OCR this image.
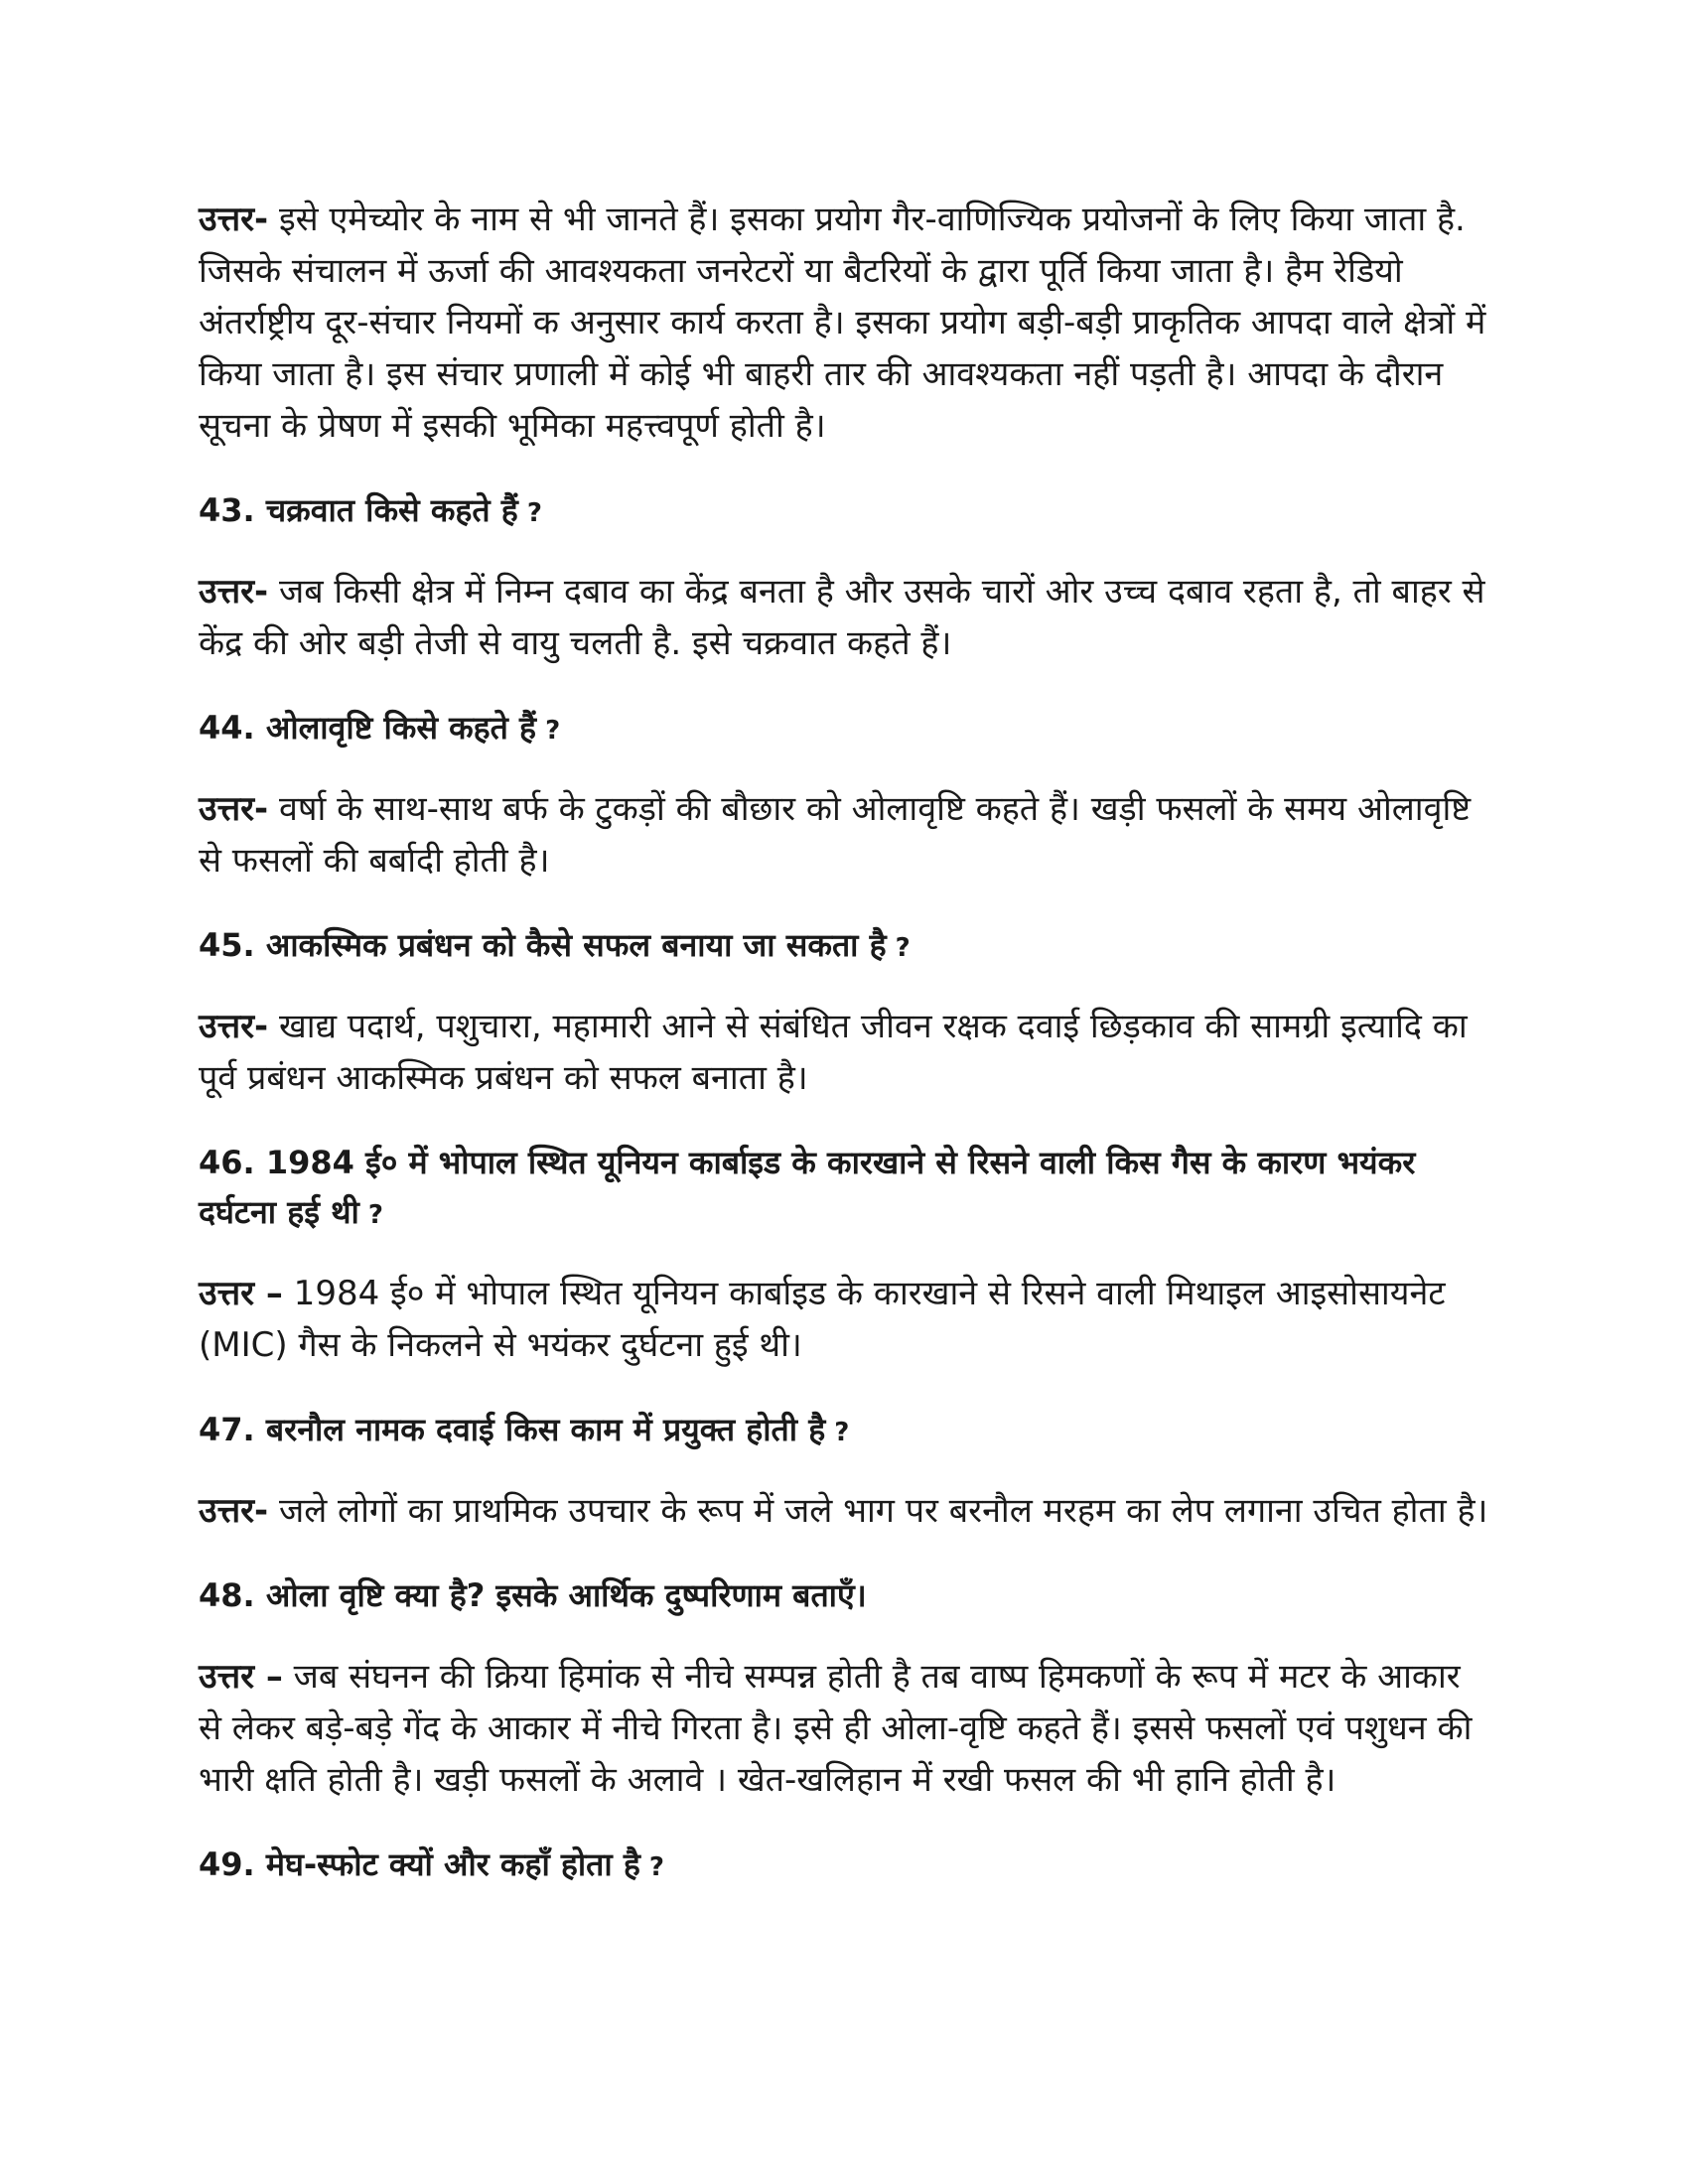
उत्तर- इसे एमेच्योर के नाम से भी जानते हैं। इसका प्रयोग गैर-वाणिज्यिक प्रयोजनों के लिए किया जाता है. जिसके संचालन में ऊर्जा की आवश्यकता जनरेटरों या बैटरियों के द्वारा पूर्ति किया जाता है। हैम रेडियो अंतर्राष्ट्रीय दूर-संचार नियमों क अनुसार कार्य करता है। इसका प्रयोग बड़ी-बड़ी प्राकृतिक आपदा वाले क्षेत्रों में किया जाता है। इस संचार प्रणाली में कोई भी बाहरी तार की आवश्यकता नहीं पड़ती है। आपदा के दौरान सूचना के प्रेषण में इसकी भूमिका महत्त्वपूर्ण होती है।

43. चक्रवात किसे कहते हैं ?

उत्तर- जब किसी क्षेत्र में निम्न दबाव का केंद्र बनता है और उसके चारों ओर उच्च दबाव रहता है, तो बाहर से केंद्र की ओर बड़ी तेजी से वायु चलती है. इसे चक्रवात कहते हैं।

44. ओलावृष्टि किसे कहते हैं ?

उत्तर- वर्षा के साथ-साथ बर्फ के टुकड़ों की बौछार को ओलावृष्टि कहते हैं। खड़ी फसलों के समय ओलावृष्टि से फसलों की बर्बादी होती है।

45. आकस्मिक प्रबंधन को कैसे सफल बनाया जा सकता है ?

उत्तर- खाद्य पदार्थ, पशुचारा, महामारी आने से संबंधित जीवन रक्षक दवाई छिड़काव की सामग्री इत्यादि का पूर्व प्रबंधन आकस्मिक प्रबंधन को सफल बनाता है।

46. 1984 ई० में भोपाल स्थित यूनियन कार्बाइड के कारखाने से रिसने वाली किस गैस के कारण भयंकर दर्घटना हई थी ?

उत्तर – 1984 ई० में भोपाल स्थित यूनियन कार्बाइड के कारखाने से रिसने वाली मिथाइल आइसोसायनेट (MIC) गैस के निकलने से भयंकर दुर्घटना हुई थी।

47. बरनौल नामक दवाई किस काम में प्रयुक्त होती है ?

उत्तर- जले लोगों का प्राथमिक उपचार के रूप में जले भाग पर बरनौल मरहम का लेप लगाना उचित होता है।

48. ओला वृष्टि क्या है? इसके आर्थिक दुष्परिणाम बताएँ।

उत्तर – जब संघनन की क्रिया हिमांक से नीचे सम्पन्न होती है तब वाष्प हिमकणों के रूप में मटर के आकार से लेकर बड़े-बड़े गेंद के आकार में नीचे गिरता है। इसे ही ओला-वृष्टि कहते हैं। इससे फसलों एवं पशुधन की भारी क्षति होती है। खड़ी फसलों के अलावे । खेत-खलिहान में रखी फसल की भी हानि होती है।

49. मेघ-स्फोट क्यों और कहाँ होता है ?
